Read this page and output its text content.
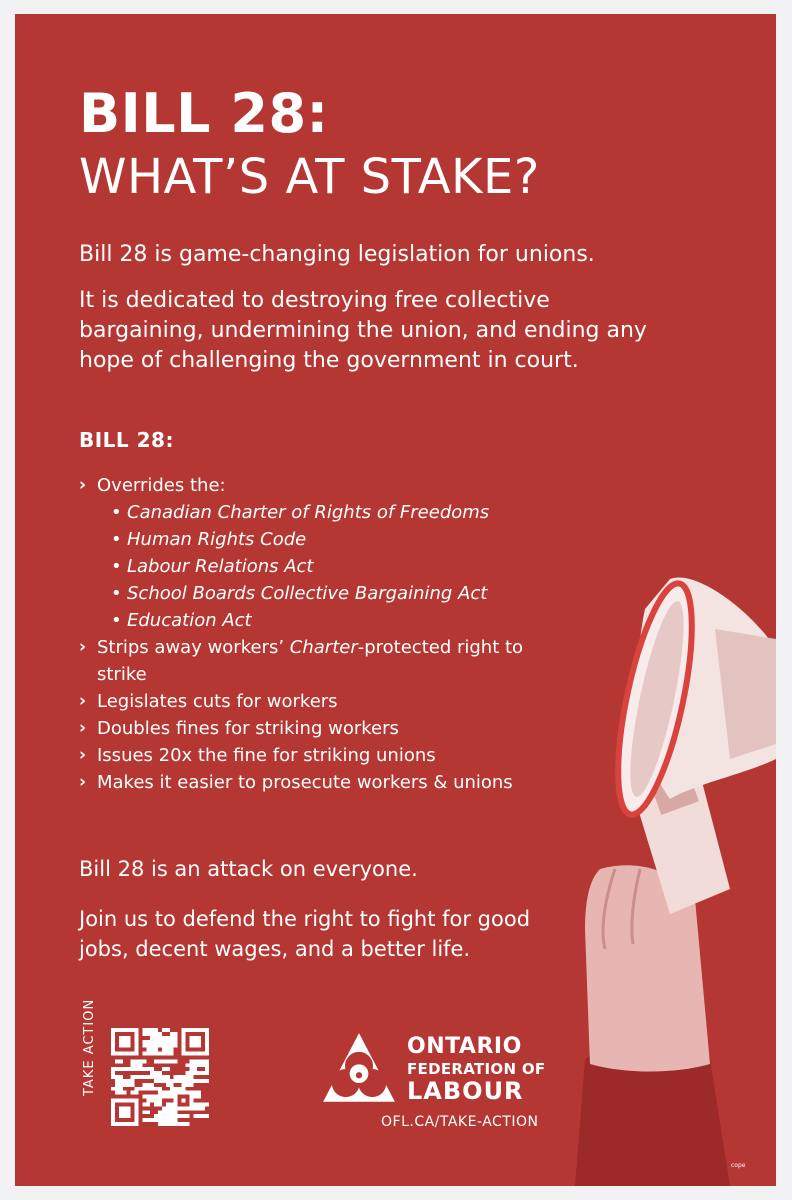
BILL 28:
WHAT’S AT STAKE?
Bill 28 is game-changing legislation for unions.
It is dedicated to destroying free collective bargaining, undermining the union, and ending any hope of challenging the government in court.
BILL 28:
› Overrides the:
• Canadian Charter of Rights of Freedoms
• Human Rights Code
• Labour Relations Act
• School Boards Collective Bargaining Act
• Education Act
› Strips away workers’ Charter-protected right to strike
› Legislates cuts for workers
› Doubles fines for striking workers
› Issues 20x the fine for striking unions
› Makes it easier to prosecute workers & unions
Bill 28 is an attack on everyone.
Join us to defend the right to fight for good jobs, decent wages, and a better life.
TAKE ACTION	ONTARIO
FEDERATION OF
LABOUR
OFL.CA/TAKE-ACTION
cope
